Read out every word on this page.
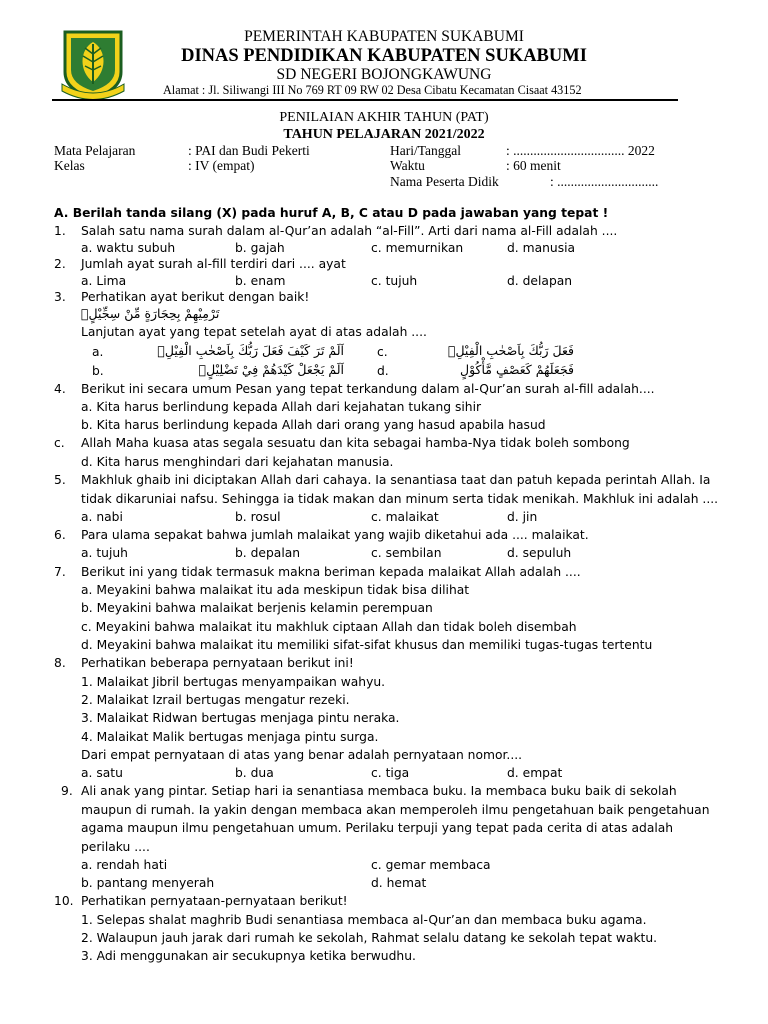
PEMERINTAH KABUPATEN SUKABUMI
DINAS PENDIDIKAN KABUPATEN SUKABUMI
SD NEGERI BOJONGKAWUNG
Alamat : Jl. Siliwangi III No 769 RT 09 RW 02 Desa Cibatu Kecamatan Cisaat 43152
PENILAIAN AKHIR TAHUN (PAT)
TAHUN PELAJARAN 2021/2022
Mata Pelajaran	: PAI dan Budi Pekerti
Kelas	: IV (empat)
Hari/Tanggal	: ................................. 2022
Waktu	: 60 menit
Nama Peserta Didik	: ..............................
A. Berilah tanda silang (X) pada huruf A, B, C atau D pada jawaban yang tepat !
1. Salah satu nama surah dalam al-Qur’an adalah “al-Fill”. Arti dari nama al-Fill adalah ....
a. waktu subuh	b. gajah	c. memurnikan	d. manusia
2. Jumlah ayat surah al-fill terdiri dari .... ayat
a. Lima	b. enam	c. tujuh	d. delapan
3. Perhatikan ayat berikut dengan baik!
تَرْمِيْهِمْ بِحِجَارَةٍ مِّنْ سِجِّيْلٍۙ
Lanjutan ayat yang tepat setelah ayat di atas adalah ....
a.	اَلَمْ تَرَ كَيْفَ فَعَلَ رَبُّكَ بِاَصْحٰبِ الْفِيْلِۗ
b.	اَلَمْ يَجْعَلْ كَيْدَهُمْ فِيْ تَضْلِيْلٍۙ
c.	فَعَلَ رَبُّكَ بِاَصْحٰبِ الْفِيْلِۗ
d.	فَجَعَلَهُمْ كَعَصْفٍ مَّأْكُوْلٍ
4. Berikut ini secara umum Pesan yang tepat terkandung dalam al-Qur’an surah al-fill adalah....
a. Kita harus berlindung kepada Allah dari kejahatan tukang sihir
b. Kita harus berlindung kepada Allah dari orang yang hasud apabila hasud
c. Allah Maha kuasa atas segala sesuatu dan kita sebagai hamba-Nya tidak boleh sombong
d. Kita harus menghindari dari kejahatan manusia.
5. Makhluk ghaib ini diciptakan Allah dari cahaya. Ia senantiasa taat dan patuh kepada perintah Allah. Ia
tidak dikaruniai nafsu. Sehingga ia tidak makan dan minum serta tidak menikah. Makhluk ini adalah ....
a. nabi	b. rosul	c. malaikat	d. jin
6. Para ulama sepakat bahwa jumlah malaikat yang wajib diketahui ada .... malaikat.
a. tujuh	b. depalan	c. sembilan	d. sepuluh
7. Berikut ini yang tidak termasuk makna beriman kepada malaikat Allah adalah ....
a. Meyakini bahwa malaikat itu ada meskipun tidak bisa dilihat
b. Meyakini bahwa malaikat berjenis kelamin perempuan
c. Meyakini bahwa malaikat itu makhluk ciptaan Allah dan tidak boleh disembah
d. Meyakini bahwa malaikat itu memiliki sifat-sifat khusus dan memiliki tugas-tugas tertentu
8. Perhatikan beberapa pernyataan berikut ini!
1. Malaikat Jibril bertugas menyampaikan wahyu.
2. Malaikat Izrail bertugas mengatur rezeki.
3. Malaikat Ridwan bertugas menjaga pintu neraka.
4. Malaikat Malik bertugas menjaga pintu surga.
Dari empat pernyataan di atas yang benar adalah pernyataan nomor....
a. satu	b. dua	c. tiga	d. empat
9. Ali anak yang pintar. Setiap hari ia senantiasa membaca buku. Ia membaca buku baik di sekolah
maupun di rumah. Ia yakin dengan membaca akan memperoleh ilmu pengetahuan baik pengetahuan
agama maupun ilmu pengetahuan umum. Perilaku terpuji yang tepat pada cerita di atas adalah
perilaku ....
a. rendah hati	c. gemar membaca
b. pantang menyerah	d. hemat
10. Perhatikan pernyataan-pernyataan berikut!
1. Selepas shalat maghrib Budi senantiasa membaca al-Qur’an dan membaca buku agama.
2. Walaupun jauh jarak dari rumah ke sekolah, Rahmat selalu datang ke sekolah tepat waktu.
3. Adi menggunakan air secukupnya ketika berwudhu.
